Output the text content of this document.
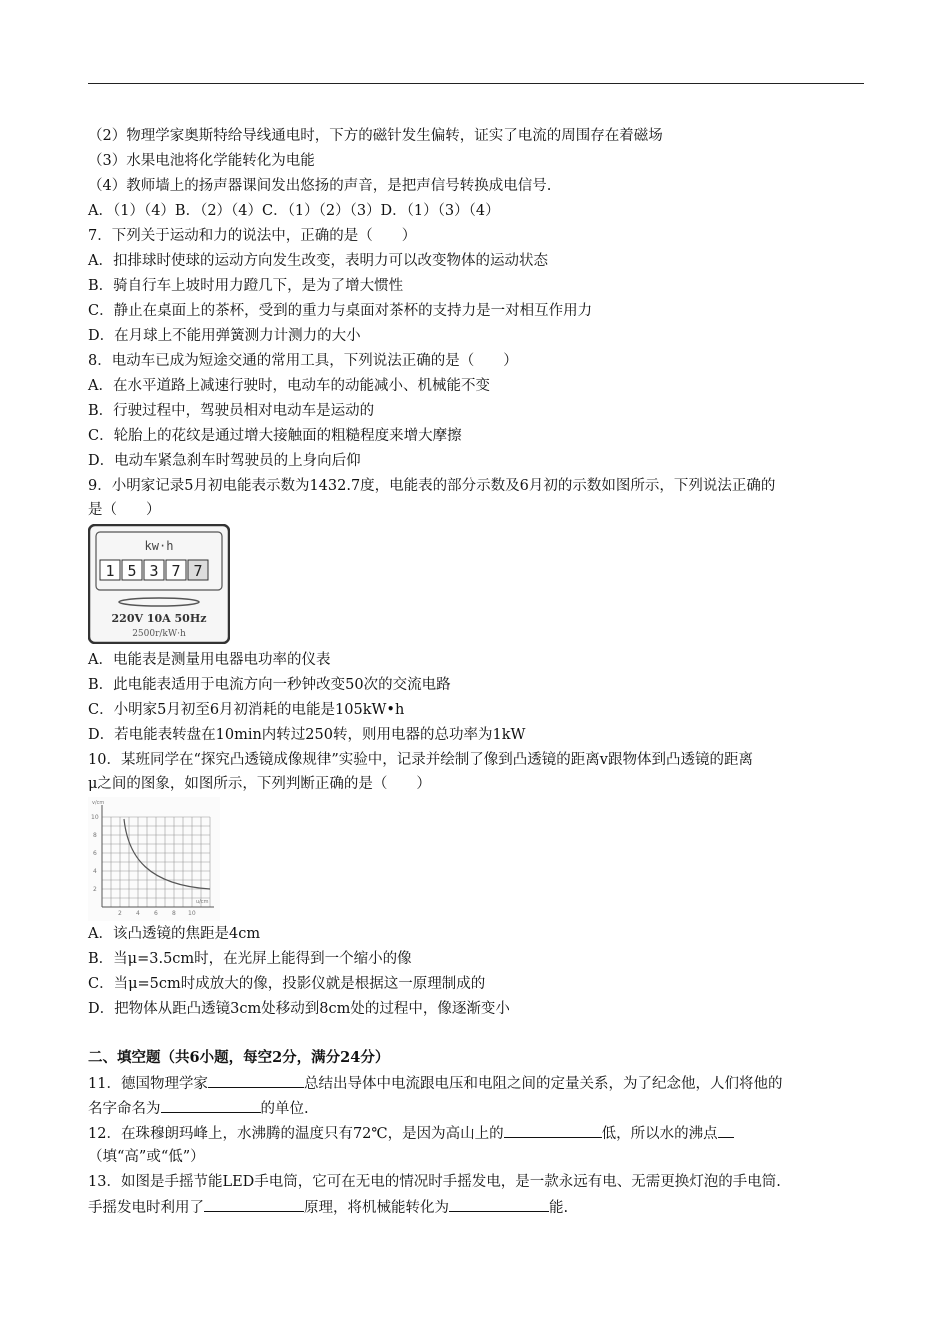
（2）物理学家奥斯特给导线通电时，下方的磁针发生偏转，证实了电流的周围存在着磁场
（3）水果电池将化学能转化为电能
（4）教师墙上的扬声器课间发出悠扬的声音，是把声信号转换成电信号.
A．（1）（4）B．（2）（4）C．（1）（2）（3）D．（1）（3）（4）
7．下列关于运动和力的说法中，正确的是（　　）
A．扣排球时使球的运动方向发生改变，表明力可以改变物体的运动状态
B．骑自行车上坡时用力蹬几下，是为了增大惯性
C．静止在桌面上的茶杯，受到的重力与桌面对茶杯的支持力是一对相互作用力
D．在月球上不能用弹簧测力计测力的大小
8．电动车已成为短途交通的常用工具，下列说法正确的是（　　）
A．在水平道路上减速行驶时，电动车的动能减小、机械能不变
B．行驶过程中，驾驶员相对电动车是运动的
C．轮胎上的花纹是通过增大接触面的粗糙程度来增大摩擦
D．电动车紧急刹车时驾驶员的上身向后仰
9．小明家记录5月初电能表示数为1432.7度，电能表的部分示数及6月初的示数如图所示，下列说法正确的
是（　　）
kw·h
1 5 3 7 7
220V 10A 50Hz
2500r/kW·h
A．电能表是测量用电器电功率的仪表
B．此电能表适用于电流方向一秒钟改变50次的交流电路
C．小明家5月初至6月初消耗的电能是105kW•h
D．若电能表转盘在10min内转过250转，则用电器的总功率为1kW
10．某班同学在“探究凸透镜成像规律”实验中，记录并绘制了像到凸透镜的距离v跟物体到凸透镜的距离
μ之间的图象，如图所示，下列判断正确的是（　　）
v/cm
u/cm
10
8
6
4
2
2 4 6 8 10
A．该凸透镜的焦距是4cm
B．当μ=3.5cm时，在光屏上能得到一个缩小的像
C．当μ=5cm时成放大的像，投影仪就是根据这一原理制成的
D．把物体从距凸透镜3cm处移动到8cm处的过程中，像逐渐变小
二、填空题（共6小题，每空2分，满分24分）
11．德国物理学家	总结出导体中电流跟电压和电阻之间的定量关系，为了纪念他，人们将他的
名字命名为	的单位.
12．在珠穆朗玛峰上，水沸腾的温度只有72℃，是因为高山上的	低，所以水的沸点
（填“高”或“低”）
13．如图是手摇节能LED手电筒，它可在无电的情况时手摇发电，是一款永远有电、无需更换灯泡的手电筒.
手摇发电时利用了	原理，将机械能转化为	能.
